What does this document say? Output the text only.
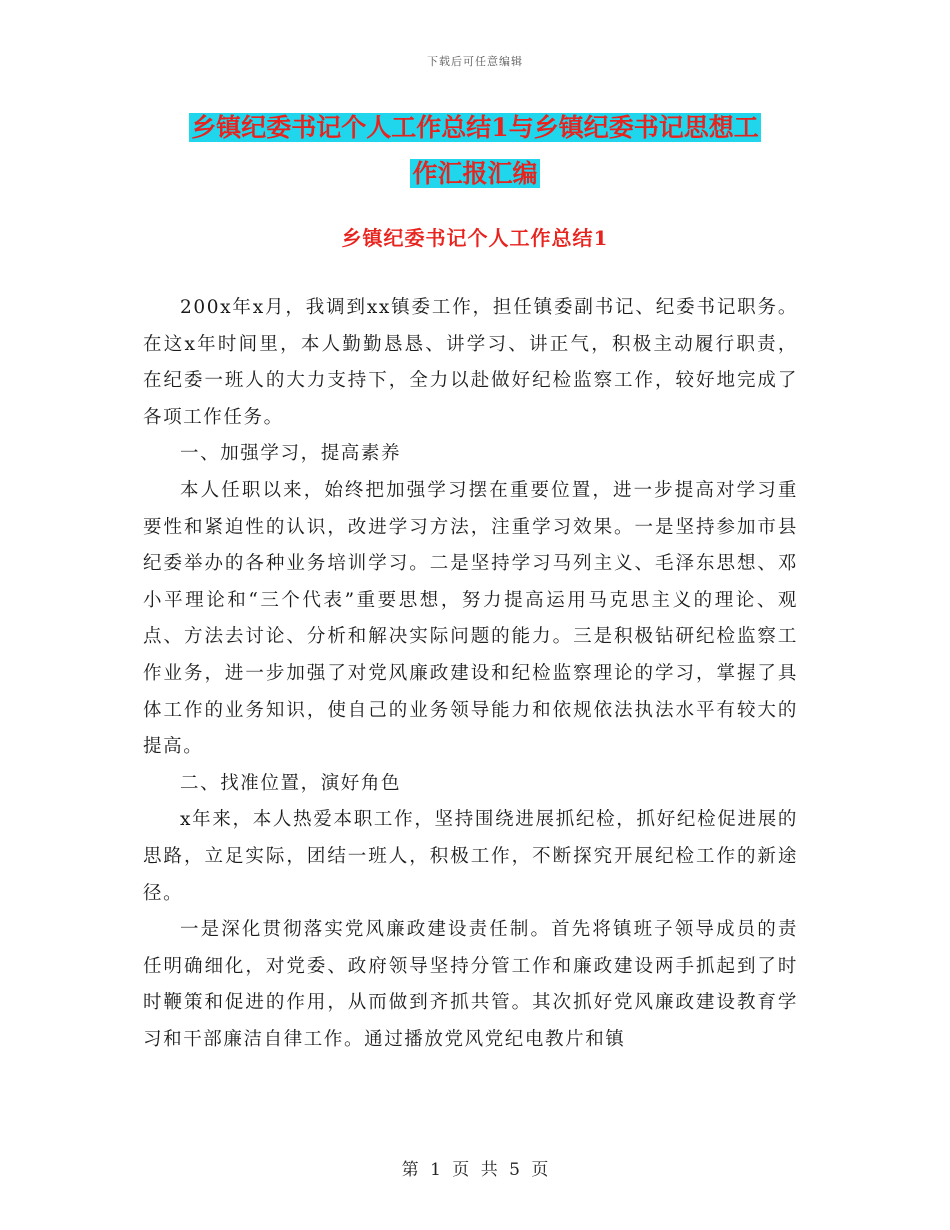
下载后可任意编辑
乡镇纪委书记个人工作总结1与乡镇纪委书记思想工
作汇报汇编
乡镇纪委书记个人工作总结1

200x年x月，我调到xx镇委工作，担任镇委副书记、纪委书记职务。在这x年时间里，本人勤勤恳恳、讲学习、讲正气，积极主动履行职责，在纪委一班人的大力支持下，全力以赴做好纪检监察工作，较好地完成了各项工作任务。

一、加强学习，提高素养

本人任职以来，始终把加强学习摆在重要位置，进一步提高对学习重要性和紧迫性的认识，改进学习方法，注重学习效果。一是坚持参加市县纪委举办的各种业务培训学习。二是坚持学习马列主义、毛泽东思想、邓小平理论和“三个代表”重要思想，努力提高运用马克思主义的理论、观点、方法去讨论、分析和解决实际问题的能力。三是积极钻研纪检监察工作业务，进一步加强了对党风廉政建设和纪检监察理论的学习，掌握了具体工作的业务知识，使自己的业务领导能力和依规依法执法水平有较大的提高。

二、找准位置，演好角色

x年来，本人热爱本职工作，坚持围绕进展抓纪检，抓好纪检促进展的思路，立足实际，团结一班人，积极工作，不断探究开展纪检工作的新途径。

一是深化贯彻落实党风廉政建设责任制。首先将镇班子领导成员的责任明确细化，对党委、政府领导坚持分管工作和廉政建设两手抓起到了时时鞭策和促进的作用，从而做到齐抓共管。其次抓好党风廉政建设教育学习和干部廉洁自律工作。通过播放党风党纪电教片和镇

第 1 页 共 5 页
